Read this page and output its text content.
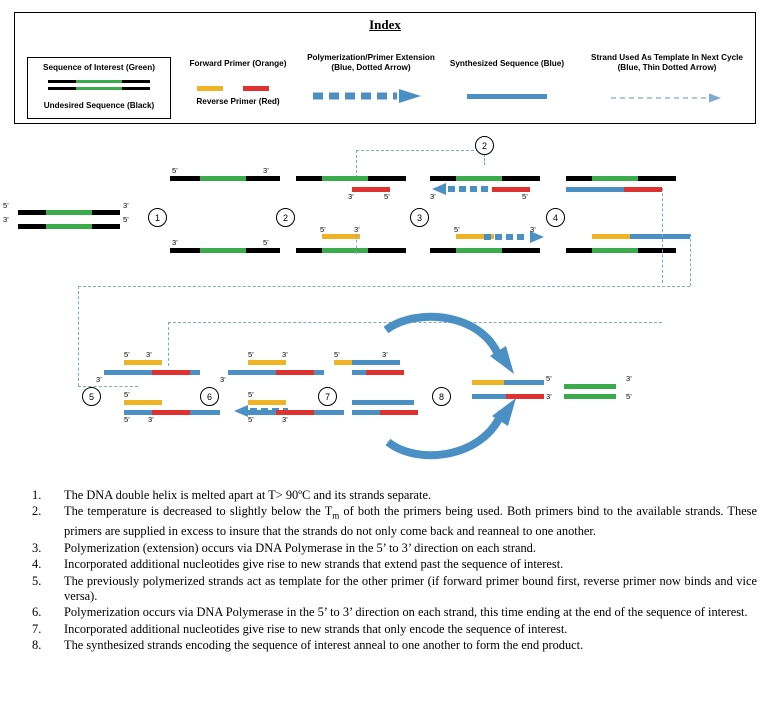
Index
Sequence of Interest (Green)
Undesired Sequence (Black)
Forward Primer (Orange)
Reverse Primer (Red)
Polymerization/Primer Extension (Blue, Dotted Arrow)	Synthesized Sequence (Blue)
Strand Used As Template In Next Cycle (Blue, Thin Dotted Arrow)
2
5’	3’
3’	5’	1
5’	3’
3’	5’
2
3’	5’
5’	3’
3
3’	5’
5’	3’
4
5’ 3’
3’
5’
5’ 3’
5	6
5’	3’
3’
5’
5’	3’
7
5’	3’
8
5’	3’
3’	5’
1.	The DNA double helix is melted apart at T> 90ºC and its strands separate.
2.	The temperature is decreased to slightly below the $T_m$ of both the primers being used. Both primers bind to the available strands. These primers are supplied in excess to insure that the strands do not only come back and reanneal to one another.
3.	Polymerization (extension) occurs via DNA Polymerase in the 5’ to 3’ direction on each strand.
4.	Incorporated additional nucleotides give rise to new strands that extend past the sequence of interest.
5.	The previously polymerized strands act as template for the other primer (if forward primer bound first, reverse primer now binds and vice versa).
6.	Polymerization occurs via DNA Polymerase in the 5’ to 3’ direction on each strand, this time ending at the end of the sequence of interest.
7.	Incorporated additional nucleotides give rise to new strands that only encode the sequence of interest.
8.	The synthesized strands encoding the sequence of interest anneal to one another to form the end product.
